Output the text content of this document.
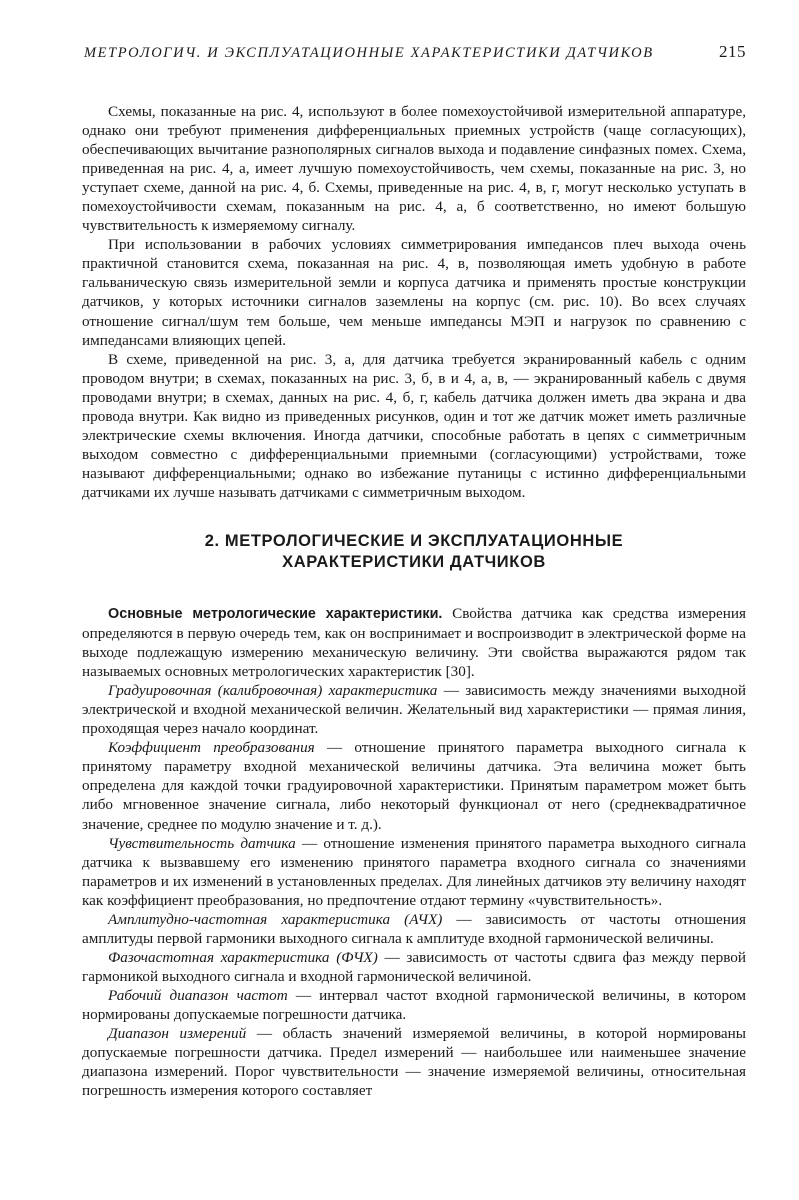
МЕТРОЛОГИЧ. И ЭКСПЛУАТАЦИОННЫЕ ХАРАКТЕРИСТИКИ ДАТЧИКОВ	215

Схемы, показанные на рис. 4, используют в более помехоустойчивой измерительной аппаратуре, однако они требуют применения дифференциальных приемных устройств (чаще согласующих), обеспечивающих вычитание разнополярных сигналов выхода и подавление синфазных помех. Схема, приведенная на рис. 4, а, имеет лучшую помехоустойчивость, чем схемы, показанные на рис. 3, но уступает схеме, данной на рис. 4, б. Схемы, приведенные на рис. 4, в, г, могут несколько уступать в помехоустойчивости схемам, показанным на рис. 4, а, б соответственно, но имеют большую чувствительность к измеряемому сигналу.

При использовании в рабочих условиях симметрирования импедансов плеч выхода очень практичной становится схема, показанная на рис. 4, в, позволяющая иметь удобную в работе гальваническую связь измерительной земли и корпуса датчика и применять простые конструкции датчиков, у которых источники сигналов заземлены на корпус (см. рис. 10). Во всех случаях отношение сигнал/шум тем больше, чем меньше импедансы МЭП и нагрузок по сравнению с импедансами влияющих цепей.

В схеме, приведенной на рис. 3, а, для датчика требуется экранированный кабель с одним проводом внутри; в схемах, показанных на рис. 3, б, в и 4, а, в, — экранированный кабель с двумя проводами внутри; в схемах, данных на рис. 4, б, г, кабель датчика должен иметь два экрана и два провода внутри. Как видно из приведенных рисунков, один и тот же датчик может иметь различные электрические схемы включения. Иногда датчики, способные работать в цепях с симметричным выходом совместно с дифференциальными приемными (согласующими) устройствами, тоже называют дифференциальными; однако во избежание путаницы с истинно дифференциальными датчиками их лучше называть датчиками с симметричным выходом.

2. МЕТРОЛОГИЧЕСКИЕ И ЭКСПЛУАТАЦИОННЫЕ
ХАРАКТЕРИСТИКИ ДАТЧИКОВ

Основные метрологические характеристики. Свойства датчика как средства измерения определяются в первую очередь тем, как он воспринимает и воспроизводит в электрической форме на выходе подлежащую измерению механическую величину. Эти свойства выражаются рядом так называемых основных метрологических характеристик [30].

Градуировочная (калибровочная) характеристика — зависимость между значениями выходной электрической и входной механической величин. Желательный вид характеристики — прямая линия, проходящая через начало координат.

Коэффициент преобразования — отношение принятого параметра выходного сигнала к принятому параметру входной механической величины датчика. Эта величина может быть определена для каждой точки градуировочной характеристики. Принятым параметром может быть либо мгновенное значение сигнала, либо некоторый функционал от него (среднеквадратичное значение, среднее по модулю значение и т. д.).

Чувствительность датчика — отношение изменения принятого параметра выходного сигнала датчика к вызвавшему его изменению принятого параметра входного сигнала со значениями параметров и их изменений в установленных пределах. Для линейных датчиков эту величину находят как коэффициент преобразования, но предпочтение отдают термину «чувствительность».

Амплитудно-частотная характеристика (АЧХ) — зависимость от частоты отношения амплитуды первой гармоники выходного сигнала к амплитуде входной гармонической величины.

Фазочастотная характеристика (ФЧХ) — зависимость от частоты сдвига фаз между первой гармоникой выходного сигнала и входной гармонической величиной.

Рабочий диапазон частот — интервал частот входной гармонической величины, в котором нормированы допускаемые погрешности датчика.

Диапазон измерений — область значений измеряемой величины, в которой нормированы допускаемые погрешности датчика. Предел измерений — наибольшее или наименьшее значение диапазона измерений. Порог чувствительности — значение измеряемой величины, относительная погрешность измерения которого составляет
